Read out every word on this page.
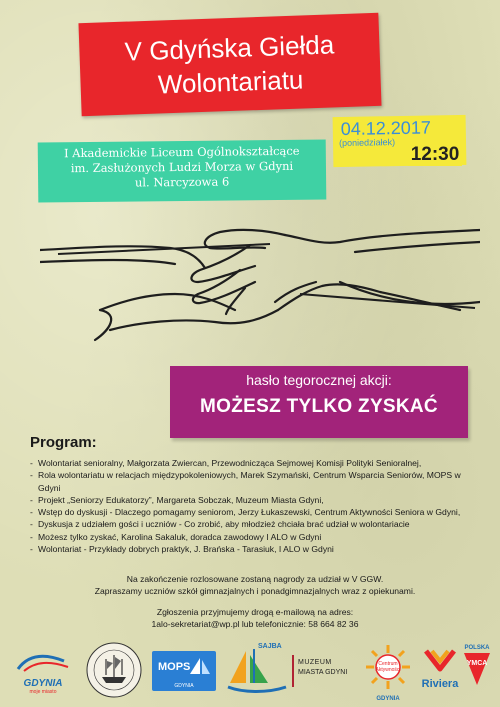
V Gdyńska Giełda
Wolontariatu
04.12.2017
(poniedziałek)
12:30
I Akademickie Liceum Ogólnokształcące
im. Zasłużonych Ludzi Morza w Gdyni
ul. Narcyzowa 6
hasło tegorocznej akcji:
MOŻESZ TYLKO ZYSKAĆ
Program:
- Wolontariat senioralny, Małgorzata Zwiercan, Przewodnicząca Sejmowej Komisji Polityki Senioralnej,
- Rola wolontariatu w relacjach międzypokoleniowych, Marek Szymański, Centrum Wsparcia Seniorów, MOPS w Gdyni
- Projekt „Seniorzy Edukatorzy”, Margareta Sobczak, Muzeum Miasta Gdyni,
- Wstęp do dyskusji - Dlaczego pomagamy seniorom, Jerzy Łukaszewski, Centrum Aktywności Seniora w Gdyni,
- Dyskusja z udziałem gości i uczniów - Co zrobić, aby młodzież chciała brać udział w wolontariacie
- Możesz tylko zyskać, Karolina Sakaluk, doradca zawodowy I ALO w Gdyni
- Wolontariat - Przykłady dobrych praktyk, J. Brańska - Tarasiuk, I ALO w Gdyni
Na zakończenie rozlosowane zostaną nagrody za udział w V GGW.
Zapraszamy uczniów szkół gimnazjalnych i ponadgimnazjalnych wraz z opiekunami.
Zgłoszenia przyjmujemy drogą e-mailową na adres:
1alo-sekretariat@wp.pl lub telefonicznie: 58 664 82 36
GDYNIA
moje miasto
MOPS
GDYNIA
SAJBA
MUZEUM
MIASTA GDYNI
Centrum
Aktywności
GDYNIA
Riviera
POLSKA
YMCA
